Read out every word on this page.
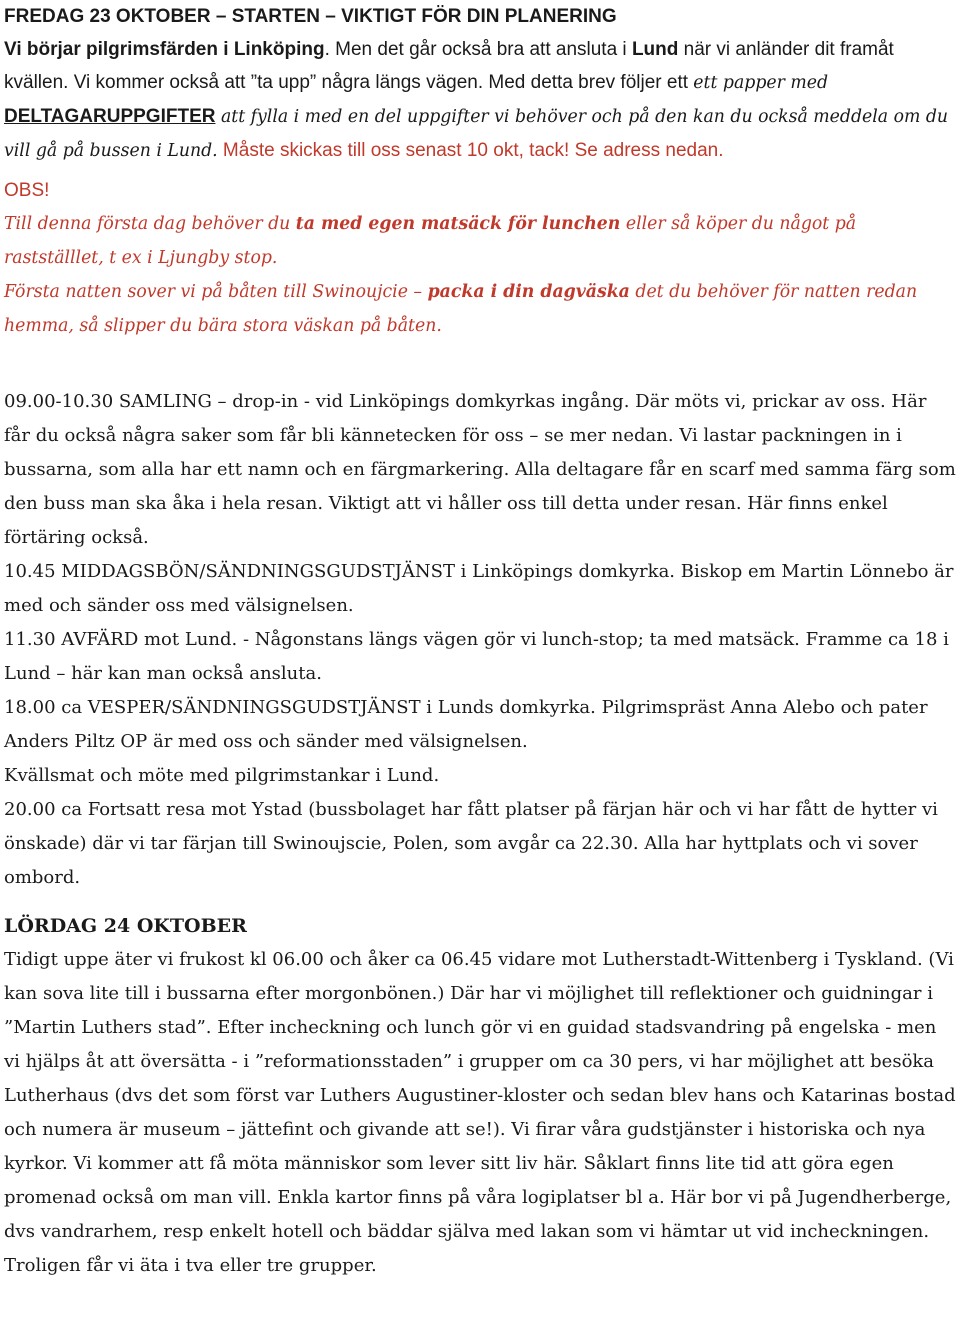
FREDAG 23 OKTOBER – STARTEN – VIKTIGT FÖR DIN PLANERING

Vi börjar pilgrimsfärden i Linköping. Men det går också bra att ansluta i Lund när vi anländer dit framåt kvällen. Vi kommer också att ”ta upp” några längs vägen. Med detta brev följer ett ett papper med DELTAGARUPPGIFTER att fylla i med en del uppgifter vi behöver och på den kan du också meddela om du vill gå på bussen i Lund. Måste skickas till oss senast 10 okt, tack! Se adress nedan.

OBS!

Till denna första dag behöver du ta med egen matsäck för lunchen eller så köper du något på rastställlet, t ex i Ljungby stop.

Första natten sover vi på båten till Swinoujcie – packa i din dagväska det du behöver för natten redan hemma, så slipper du bära stora väskan på båten.

09.00-10.30 SAMLING – drop-in - vid Linköpings domkyrkas ingång. Där möts vi, prickar av oss. Här får du också några saker som får bli kännetecken för oss – se mer nedan. Vi lastar packningen in i bussarna, som alla har ett namn och en färgmarkering. Alla deltagare får en scarf med samma färg som den buss man ska åka i hela resan. Viktigt att vi håller oss till detta under resan. Här finns enkel förtäring också.

10.45 MIDDAGSBÖN/SÄNDNINGSGUDSTJÄNST i Linköpings domkyrka. Biskop em Martin Lönnebo är med och sänder oss med välsignelsen.

11.30 AVFÄRD mot Lund. - Någonstans längs vägen gör vi lunch-stop; ta med matsäck. Framme ca 18 i Lund – här kan man också ansluta.

18.00 ca VESPER/SÄNDNINGSGUDSTJÄNST i Lunds domkyrka. Pilgrimspräst Anna Alebo och pater Anders Piltz OP är med oss och sänder med välsignelsen.

Kvällsmat och möte med pilgrimstankar i Lund.

20.00 ca Fortsatt resa mot Ystad (bussbolaget har fått platser på färjan här och vi har fått de hytter vi önskade) där vi tar färjan till Swinoujscie, Polen, som avgår ca 22.30. Alla har hyttplats och vi sover ombord.

LÖRDAG 24 OKTOBER

Tidigt uppe äter vi frukost kl 06.00 och åker ca 06.45 vidare mot Lutherstadt-Wittenberg i Tyskland. (Vi kan sova lite till i bussarna efter morgonbönen.) Där har vi möjlighet till reflektioner och guidningar i ”Martin Luthers stad”. Efter incheckning och lunch gör vi en guidad stadsvandring på engelska - men vi hjälps åt att översätta - i ”reformationsstaden” i grupper om ca 30 pers, vi har möjlighet att besöka Lutherhaus (dvs det som först var Luthers Augustiner-kloster och sedan blev hans och Katarinas bostad och numera är museum – jättefint och givande att se!). Vi firar våra gudstjänster i historiska och nya kyrkor. Vi kommer att få möta människor som lever sitt liv här. Såklart finns lite tid att göra egen promenad också om man vill. Enkla kartor finns på våra logiplatser bl a. Här bor vi på Jugendherberge, dvs vandrarhem, resp enkelt hotell och bäddar själva med lakan som vi hämtar ut vid incheckningen. Troligen får vi äta i tva eller tre grupper.
